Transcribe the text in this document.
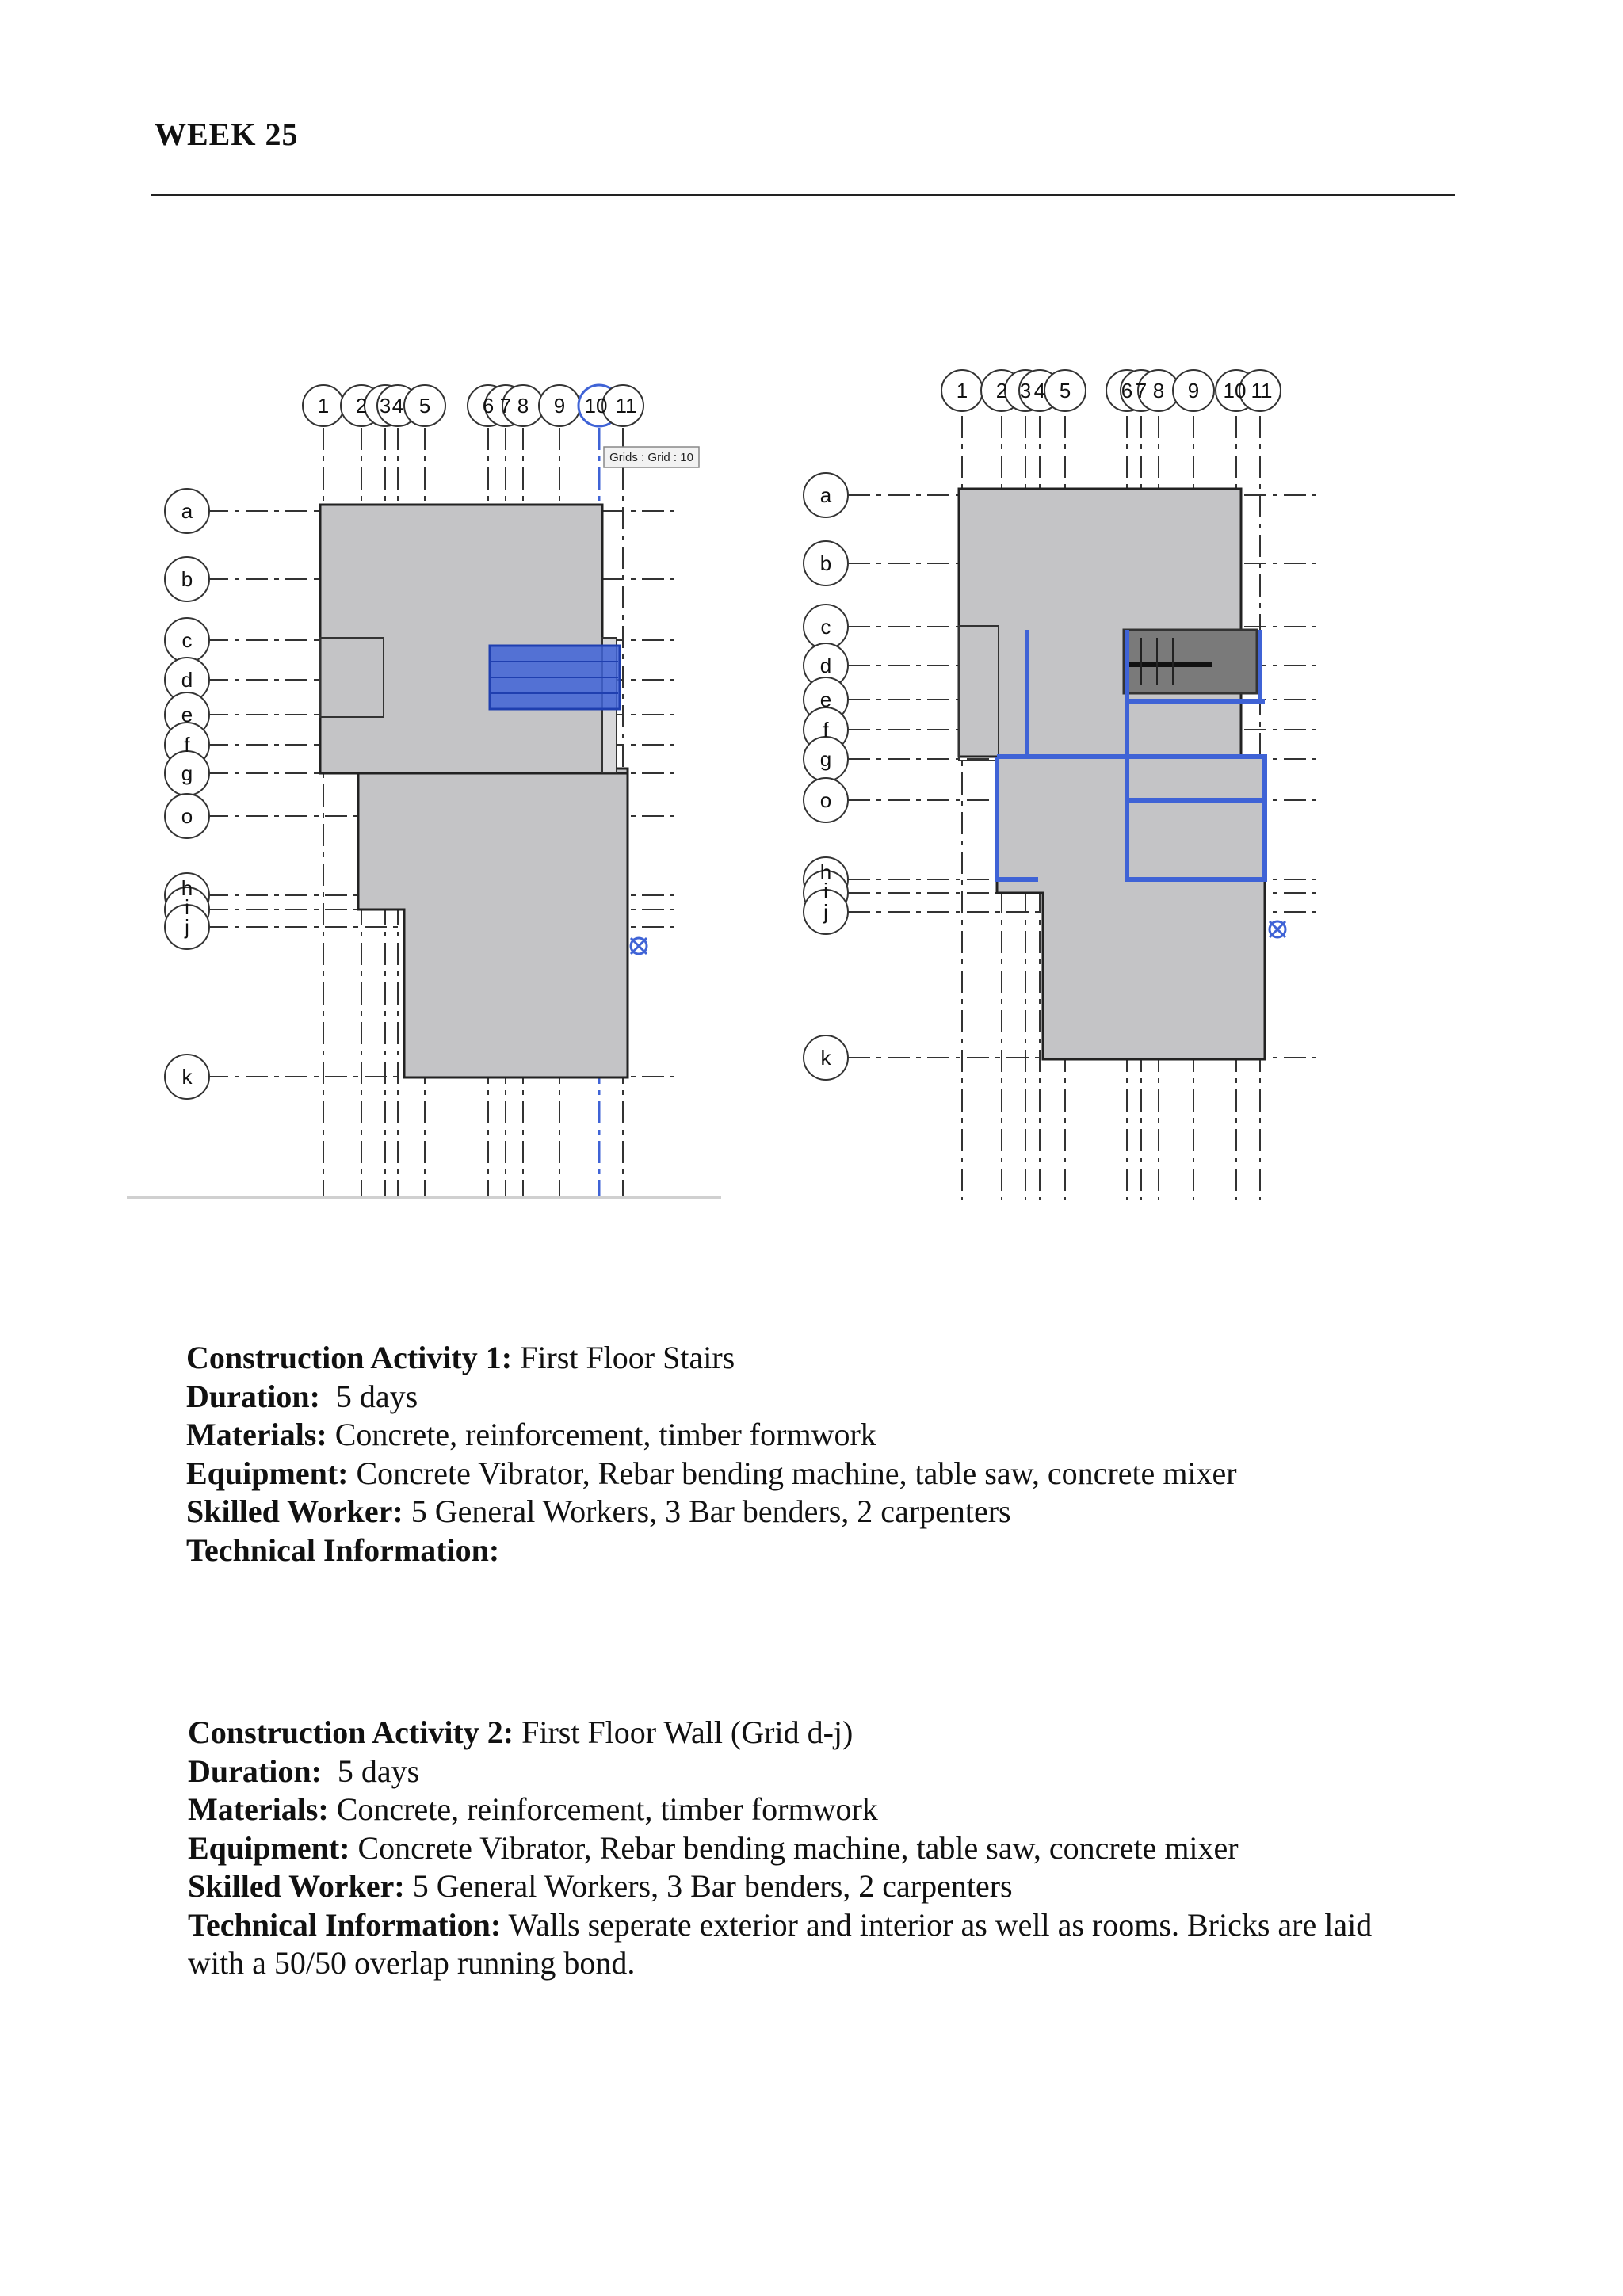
WEEK 25
1 2 3 4 5	6 7 8 9 10 11
Grids : Grid : 10
a
b
c
d
e
f
g
o
h
i
j
k
1 2 3 4 5 6 7 8 9 10 11
a
b
c
d
e
f
g
o
h
i
j
k
Construction Activity 1: First Floor Stairs
Duration: 5 days
Materials: Concrete, reinforcement, timber formwork
Equipment: Concrete Vibrator, Rebar bending machine, table saw, concrete mixer
Skilled Worker: 5 General Workers, 3 Bar benders, 2 carpenters
Technical Information:
Construction Activity 2: First Floor Wall (Grid d-j)
Duration: 5 days
Materials: Concrete, reinforcement, timber formwork
Equipment: Concrete Vibrator, Rebar bending machine, table saw, concrete mixer
Skilled Worker: 5 General Workers, 3 Bar benders, 2 carpenters
Technical Information: Walls seperate exterior and interior as well as rooms. Bricks are laid with a 50/50 overlap running bond.
